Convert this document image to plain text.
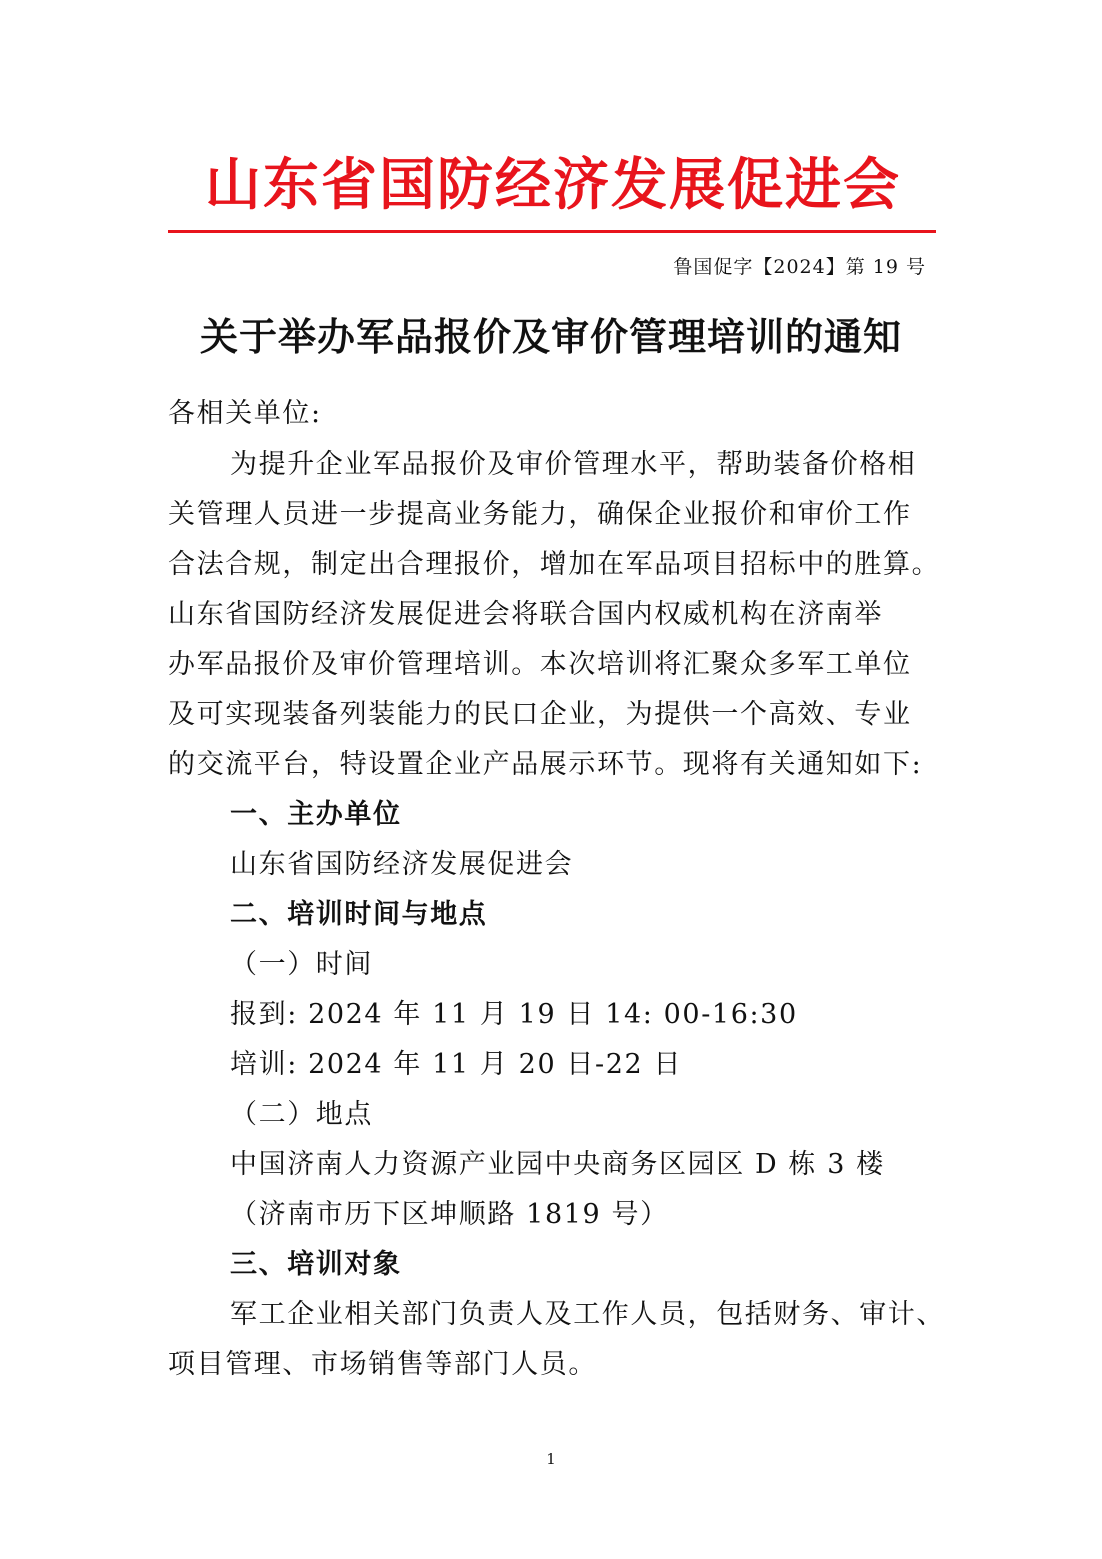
山东省国防经济发展促进会
鲁国促字【2024】第 19 号
关于举办军品报价及审价管理培训的通知
各相关单位:
为提升企业军品报价及审价管理水平，帮助装备价格相
关管理人员进一步提高业务能力，确保企业报价和审价工作
合法合规，制定出合理报价，增加在军品项目招标中的胜算。
山东省国防经济发展促进会将联合国内权威机构在济南举
办军品报价及审价管理培训。本次培训将汇聚众多军工单位
及可实现装备列装能力的民口企业，为提供一个高效、专业
的交流平台，特设置企业产品展示环节。现将有关通知如下:
一、主办单位
山东省国防经济发展促进会
二、培训时间与地点
（一）时间
报到: 2024 年 11 月 19 日 14: 00-16:30
培训: 2024 年 11 月 20 日-22 日
（二）地点
中国济南人力资源产业园中央商务区园区 D 栋 3 楼
（济南市历下区坤顺路 1819 号）
三、培训对象
军工企业相关部门负责人及工作人员，包括财务、审计、
项目管理、市场销售等部门人员。
1
